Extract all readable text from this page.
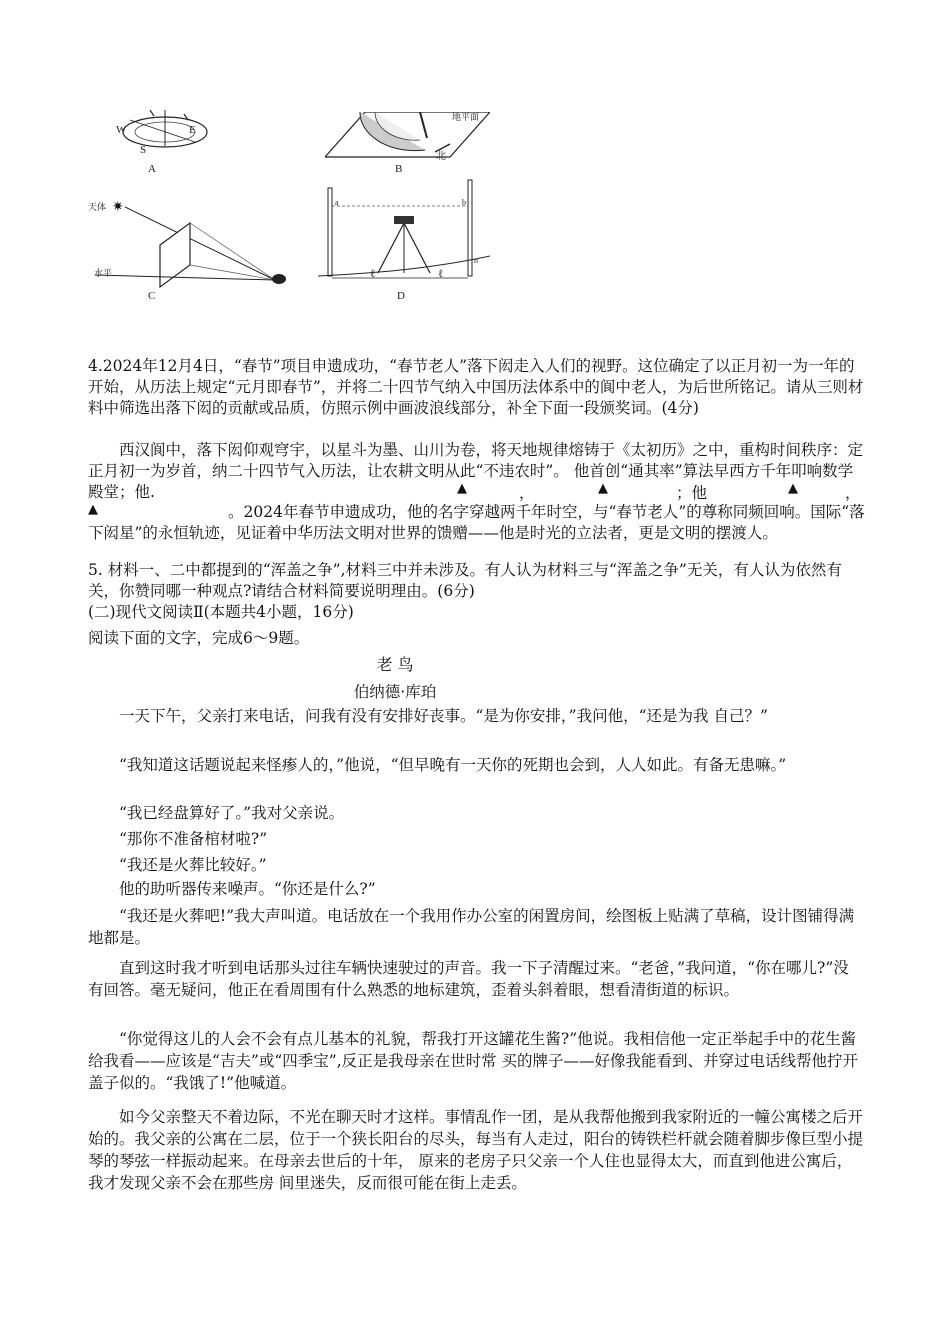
W	E
S
A
地平面
北
B
✷
天体
水平
C
a	b
n
ℓ	ℓ
D
4.2024年12月4日，“春节”项目申遗成功，“春节老人”落下闳走入人们的视野。这位确定了以正月初一为一年的开始，从历法上规定“元月即春节”，并将二十四节气纳入中国历法体系中的阆中老人，为后世所铭记。请从三则材料中筛选出落下闳的贡献或品质，仿照示例中画波浪线部分，补全下面一段颁奖词。(4分)
西汉阆中，落下闳仰观穹宇，以星斗为墨、山川为卷，将天地规律熔铸于《太初历》之中，重构时间秩序：定正月初一为岁首，纳二十四节气入历法，让农耕文明从此“不违农时”。 他首创“通其率”算法早西方千年叩响数学殿堂；他.	▲	，	▲	；他	▲	，
▲	。2024年春节申遗成功，他的名字穿越两千年时空，与“春节老人”的尊称同频回响。国际“落下闳星”的永恒轨迹，见证着中华历法文明对世界的馈赠——他是时光的立法者，更是文明的摆渡人。
5. 材料一、二中都提到的“浑盖之争”,材料三中并未涉及。有人认为材料三与“浑盖之争”无关，有人认为依然有关，你赞同哪一种观点?请结合材料简要说明理由。(6分)
(二)现代文阅读Ⅱ(本题共4小题，16分)
阅读下面的文字，完成6～9题。
老 鸟
伯纳德·库珀
一天下午，父亲打来电话，问我有没有安排好丧事。“是为你安排，”我问他，“还是为我 自己？”
“我知道这话题说起来怪瘆人的，”他说，“但早晚有一天你的死期也会到，人人如此。有备无患嘛。”
“我已经盘算好了。”我对父亲说。
“那你不准备棺材啦?”
“我还是火葬比较好。”
他的助听器传来噪声。“你还是什么?”
“我还是火葬吧!”我大声叫道。电话放在一个我用作办公室的闲置房间，绘图板上贴满了草稿，设计图铺得满地都是。
直到这时我才听到电话那头过往车辆快速驶过的声音。我一下子清醒过来。“老爸，”我问道，“你在哪儿?”没有回答。毫无疑问，他正在看周围有什么熟悉的地标建筑，歪着头斜着眼，想看清街道的标识。
“你觉得这儿的人会不会有点儿基本的礼貌，帮我打开这罐花生酱?”他说。我相信他一定正举起手中的花生酱给我看——应该是“吉夫”或“四季宝”,反正是我母亲在世时常 买的牌子——好像我能看到、并穿过电话线帮他拧开盖子似的。“我饿了!”他喊道。
如今父亲整天不着边际，不光在聊天时才这样。事情乱作一团，是从我帮他搬到我家附近的一幢公寓楼之后开始的。我父亲的公寓在二层，位于一个狭长阳台的尽头，每当有人走过，阳台的铸铁栏杆就会随着脚步像巨型小提琴的琴弦一样振动起来。在母亲去世后的十年， 原来的老房子只父亲一个人住也显得太大，而直到他进公寓后，我才发现父亲不会在那些房 间里迷失，反而很可能在街上走丢。
